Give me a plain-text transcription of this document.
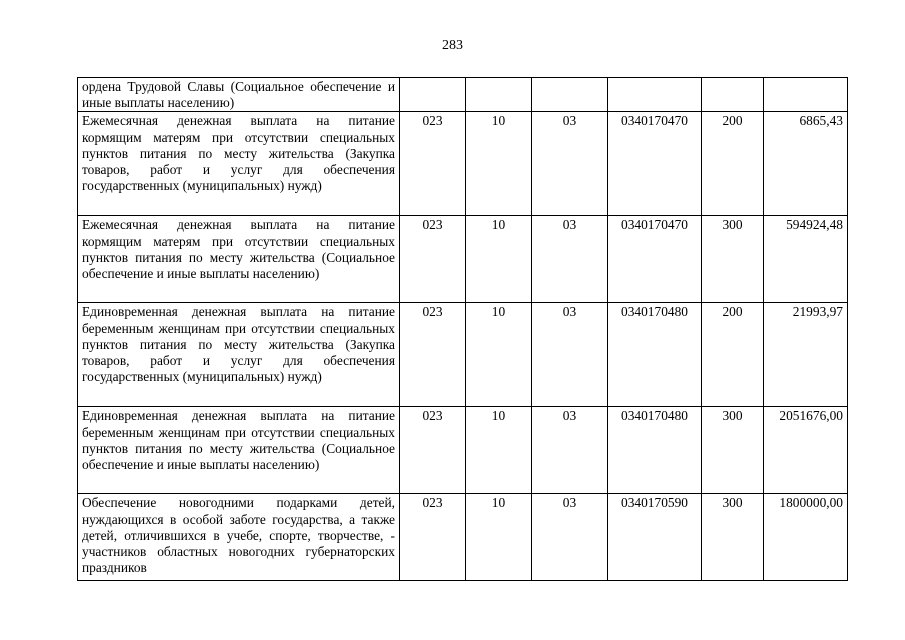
283
ордена Трудовой Славы (Социальное обеспечение и иные выплаты населению)						
Ежемесячная денежная выплата на питание кормящим матерям при отсутствии специальных пунктов питания по месту жительства (Закупка товаров, работ и услуг для обеспечения государственных (муниципальных) нужд)	023	10	03	0340170470	200	6865,43
Ежемесячная денежная выплата на питание кормящим матерям при отсутствии специальных пунктов питания по месту жительства (Социальное обеспечение и иные выплаты населению)	023	10	03	0340170470	300	594924,48
Единовременная денежная выплата на питание беременным женщинам при отсутствии специальных пунктов питания по месту жительства (Закупка товаров, работ и услуг для обеспечения государственных (муниципальных) нужд)	023	10	03	0340170480	200	21993,97
Единовременная денежная выплата на питание беременным женщинам при отсутствии специальных пунктов питания по месту жительства (Социальное обеспечение и иные выплаты населению)	023	10	03	0340170480	300	2051676,00
Обеспечение новогодними подарками детей, нуждающихся в особой заботе государства, а также детей, отличившихся в учебе, спорте, творчестве, - участников областных новогодних губернаторских праздников	023	10	03	0340170590	300	1800000,00
